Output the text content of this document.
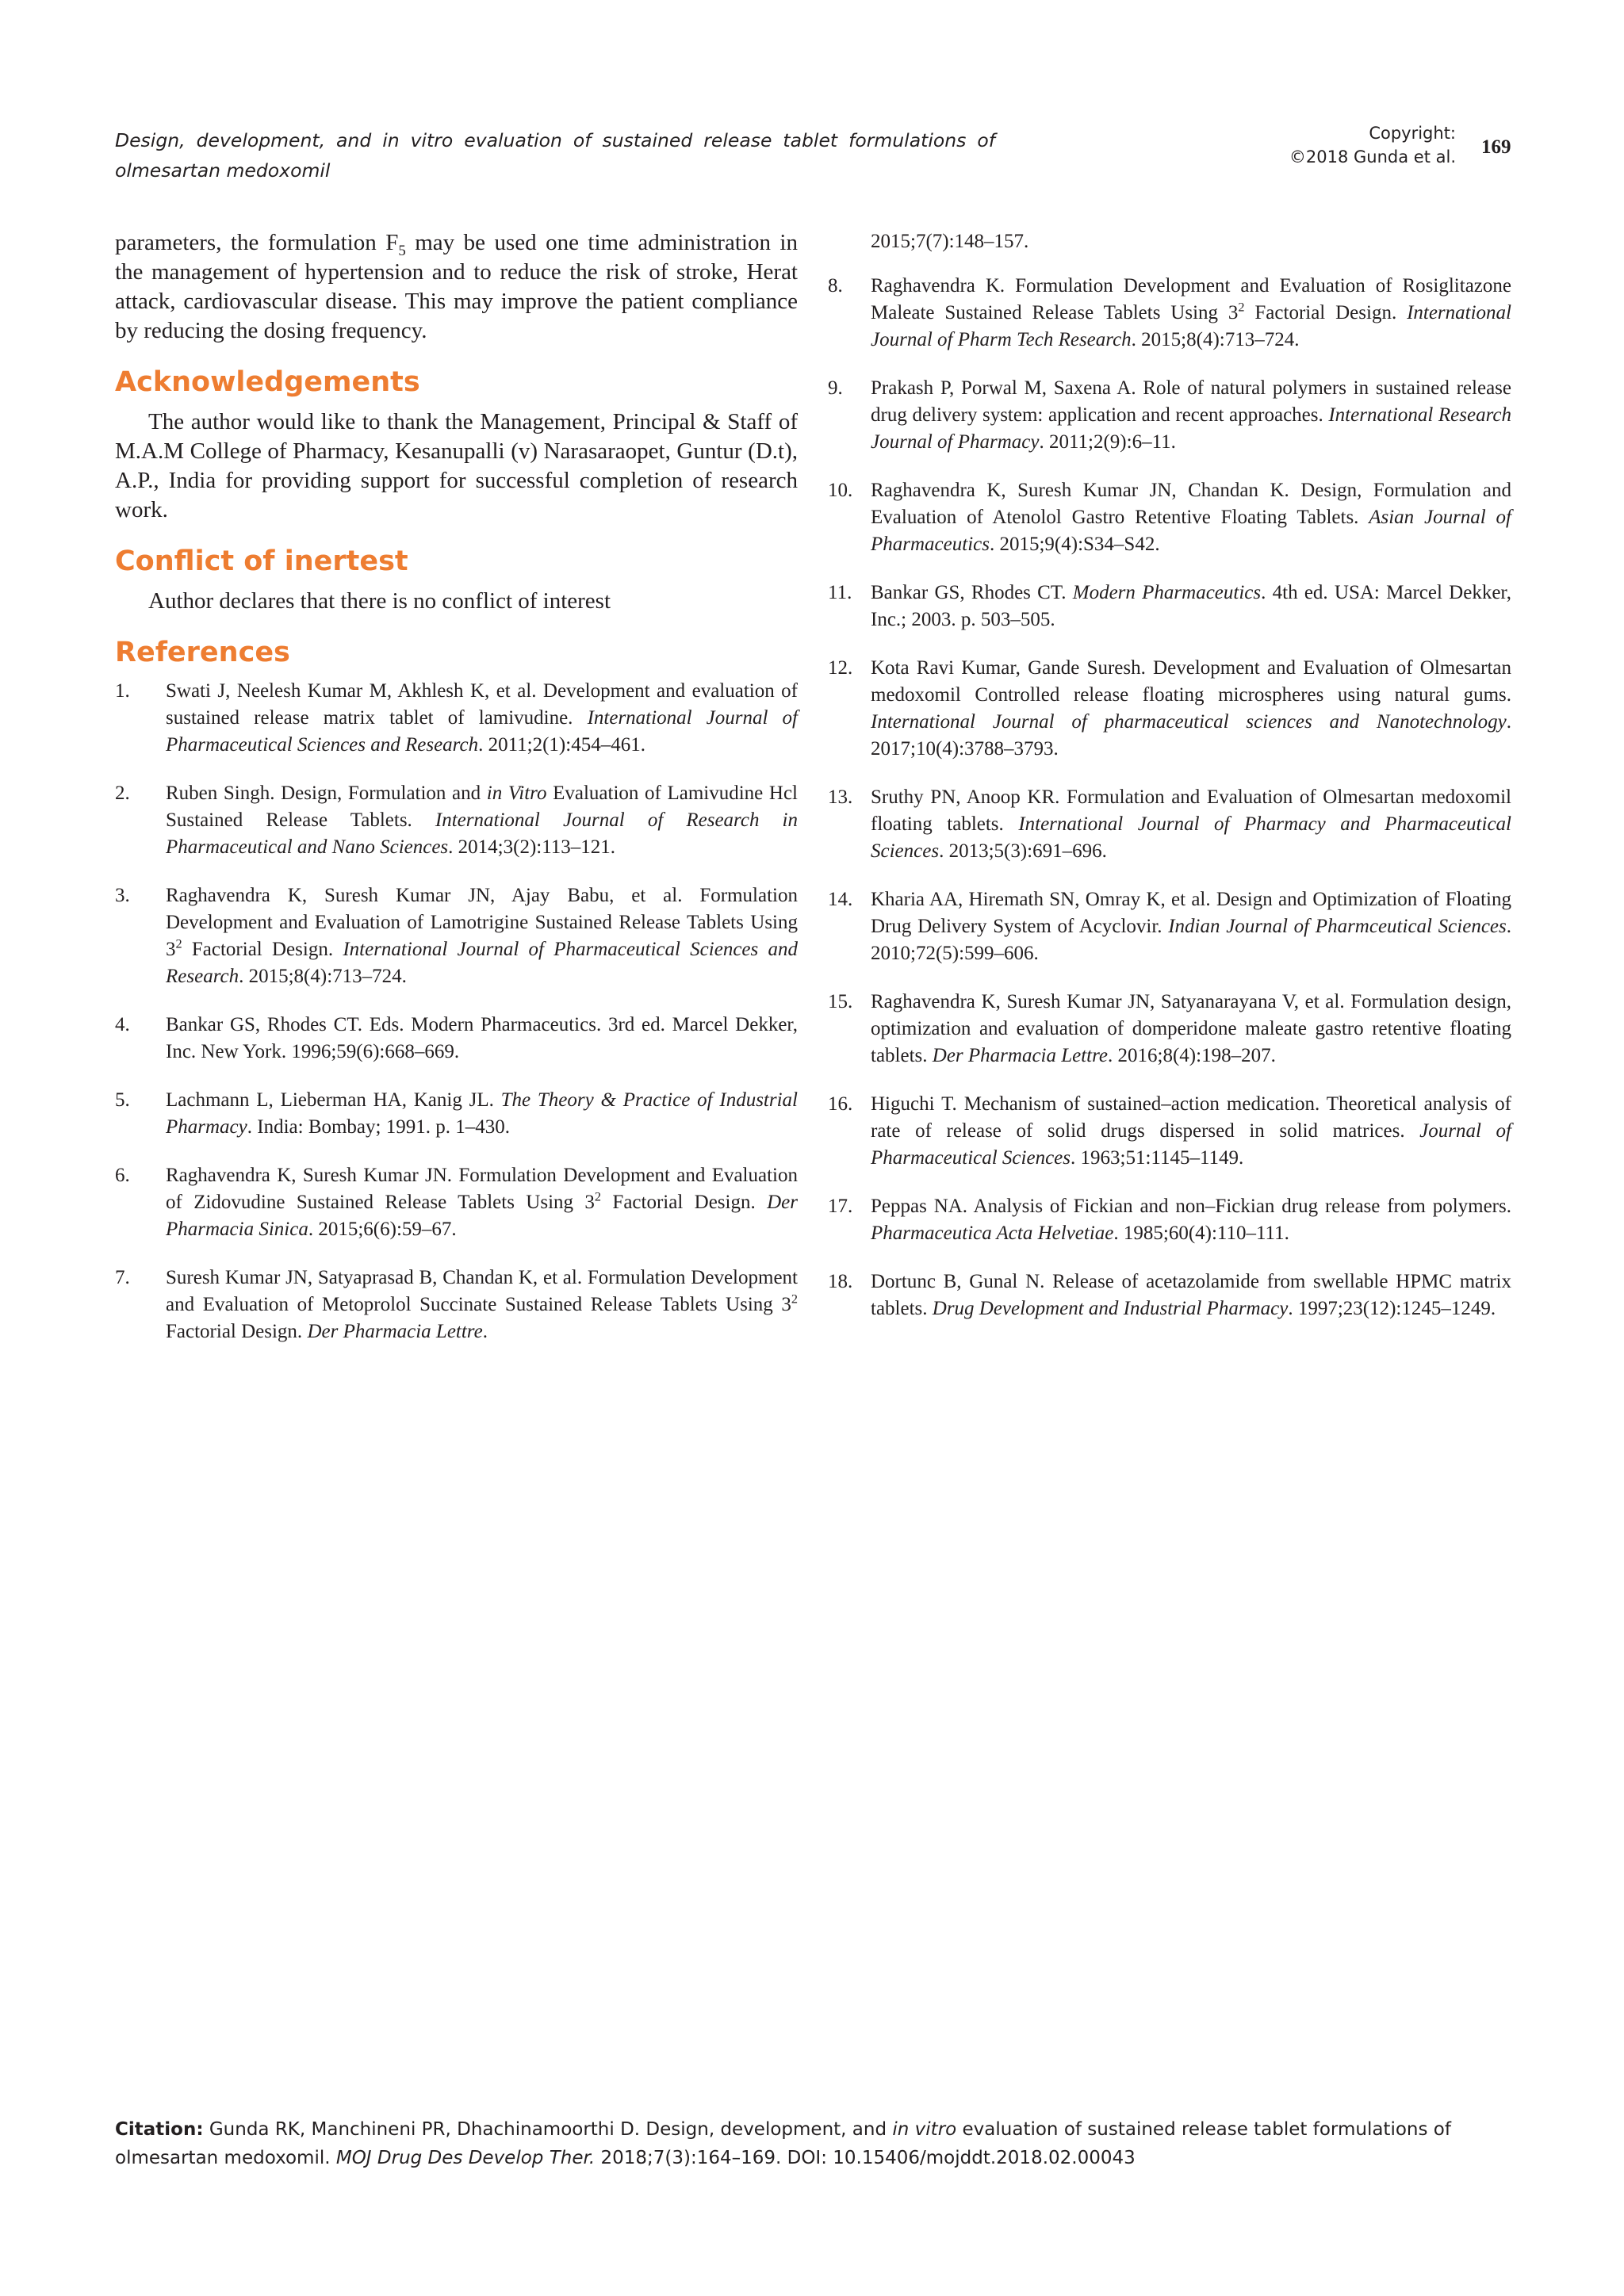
Design, development, and in vitro evaluation of sustained release tablet formulations of olmesartan medoxomil
Copyright:
©2018 Gunda et al. 169

parameters, the formulation $F_5$ may be used one time administration in the management of hypertension and to reduce the risk of stroke, Herat attack, cardiovascular disease. This may improve the patient compliance by reducing the dosing frequency.

Acknowledgements

The author would like to thank the Management, Principal & Staff of M.A.M College of Pharmacy, Kesanupalli (v) Narasaraopet, Guntur (D.t), A.P., India for providing support for successful completion of research work.

Conflict of inertest

Author declares that there is no conflict of interest

References
1. Swati J, Neelesh Kumar M, Akhlesh K, et al. Development and evaluation of sustained release matrix tablet of lamivudine. International Journal of Pharmaceutical Sciences and Research. 2011;2(1):454–461.
2. Ruben Singh. Design, Formulation and in Vitro Evaluation of Lamivudine Hcl Sustained Release Tablets. International Journal of Research in Pharmaceutical and Nano Sciences. 2014;3(2):113–121.
3. Raghavendra K, Suresh Kumar JN, Ajay Babu, et al. Formulation Development and Evaluation of Lamotrigine Sustained Release Tablets Using $3^2$ Factorial Design. International Journal of Pharmaceutical Sciences and Research. 2015;8(4):713–724.
4. Bankar GS, Rhodes CT. Eds. Modern Pharmaceutics. 3rd ed. Marcel Dekker, Inc. New York. 1996;59(6):668–669.
5. Lachmann L, Lieberman HA, Kanig JL. The Theory & Practice of Industrial Pharmacy. India: Bombay; 1991. p. 1–430.
6. Raghavendra K, Suresh Kumar JN. Formulation Development and Evaluation of Zidovudine Sustained Release Tablets Using $3^2$ Factorial Design. Der Pharmacia Sinica. 2015;6(6):59–67.
7. Suresh Kumar JN, Satyaprasad B, Chandan K, et al. Formulation Development and Evaluation of Metoprolol Succinate Sustained Release Tablets Using $3^2$ Factorial Design. Der Pharmacia Lettre.
2015;7(7):148–157.
8. Raghavendra K. Formulation Development and Evaluation of Rosiglitazone Maleate Sustained Release Tablets Using $3^2$ Factorial Design. International Journal of Pharm Tech Research. 2015;8(4):713–724.
9. Prakash P, Porwal M, Saxena A. Role of natural polymers in sustained release drug delivery system: application and recent approaches. International Research Journal of Pharmacy. 2011;2(9):6–11.
10. Raghavendra K, Suresh Kumar JN, Chandan K. Design, Formulation and Evaluation of Atenolol Gastro Retentive Floating Tablets. Asian Journal of Pharmaceutics. 2015;9(4):S34–S42.
11. Bankar GS, Rhodes CT. Modern Pharmaceutics. 4th ed. USA: Marcel Dekker, Inc.; 2003. p. 503–505.
12. Kota Ravi Kumar, Gande Suresh. Development and Evaluation of Olmesartan medoxomil Controlled release floating microspheres using natural gums. International Journal of pharmaceutical sciences and Nanotechnology. 2017;10(4):3788–3793.
13. Sruthy PN, Anoop KR. Formulation and Evaluation of Olmesartan medoxomil floating tablets. International Journal of Pharmacy and Pharmaceutical Sciences. 2013;5(3):691–696.
14. Kharia AA, Hiremath SN, Omray K, et al. Design and Optimization of Floating Drug Delivery System of Acyclovir. Indian Journal of Pharmceutical Sciences. 2010;72(5):599–606.
15. Raghavendra K, Suresh Kumar JN, Satyanarayana V, et al. Formulation design, optimization and evaluation of domperidone maleate gastro retentive floating tablets. Der Pharmacia Lettre. 2016;8(4):198–207.
16. Higuchi T. Mechanism of sustained–action medication. Theoretical analysis of rate of release of solid drugs dispersed in solid matrices. Journal of Pharmaceutical Sciences. 1963;51:1145–1149.
17. Peppas NA. Analysis of Fickian and non–Fickian drug release from polymers. Pharmaceutica Acta Helvetiae. 1985;60(4):110–111.
18. Dortunc B, Gunal N. Release of acetazolamide from swellable HPMC matrix tablets. Drug Development and Industrial Pharmacy. 1997;23(12):1245–1249.
Citation: Gunda RK, Manchineni PR, Dhachinamoorthi D. Design, development, and in vitro evaluation of sustained release tablet formulations of olmesartan medoxomil. MOJ Drug Des Develop Ther. 2018;7(3):164–169. DOI: 10.15406/mojddt.2018.02.00043
